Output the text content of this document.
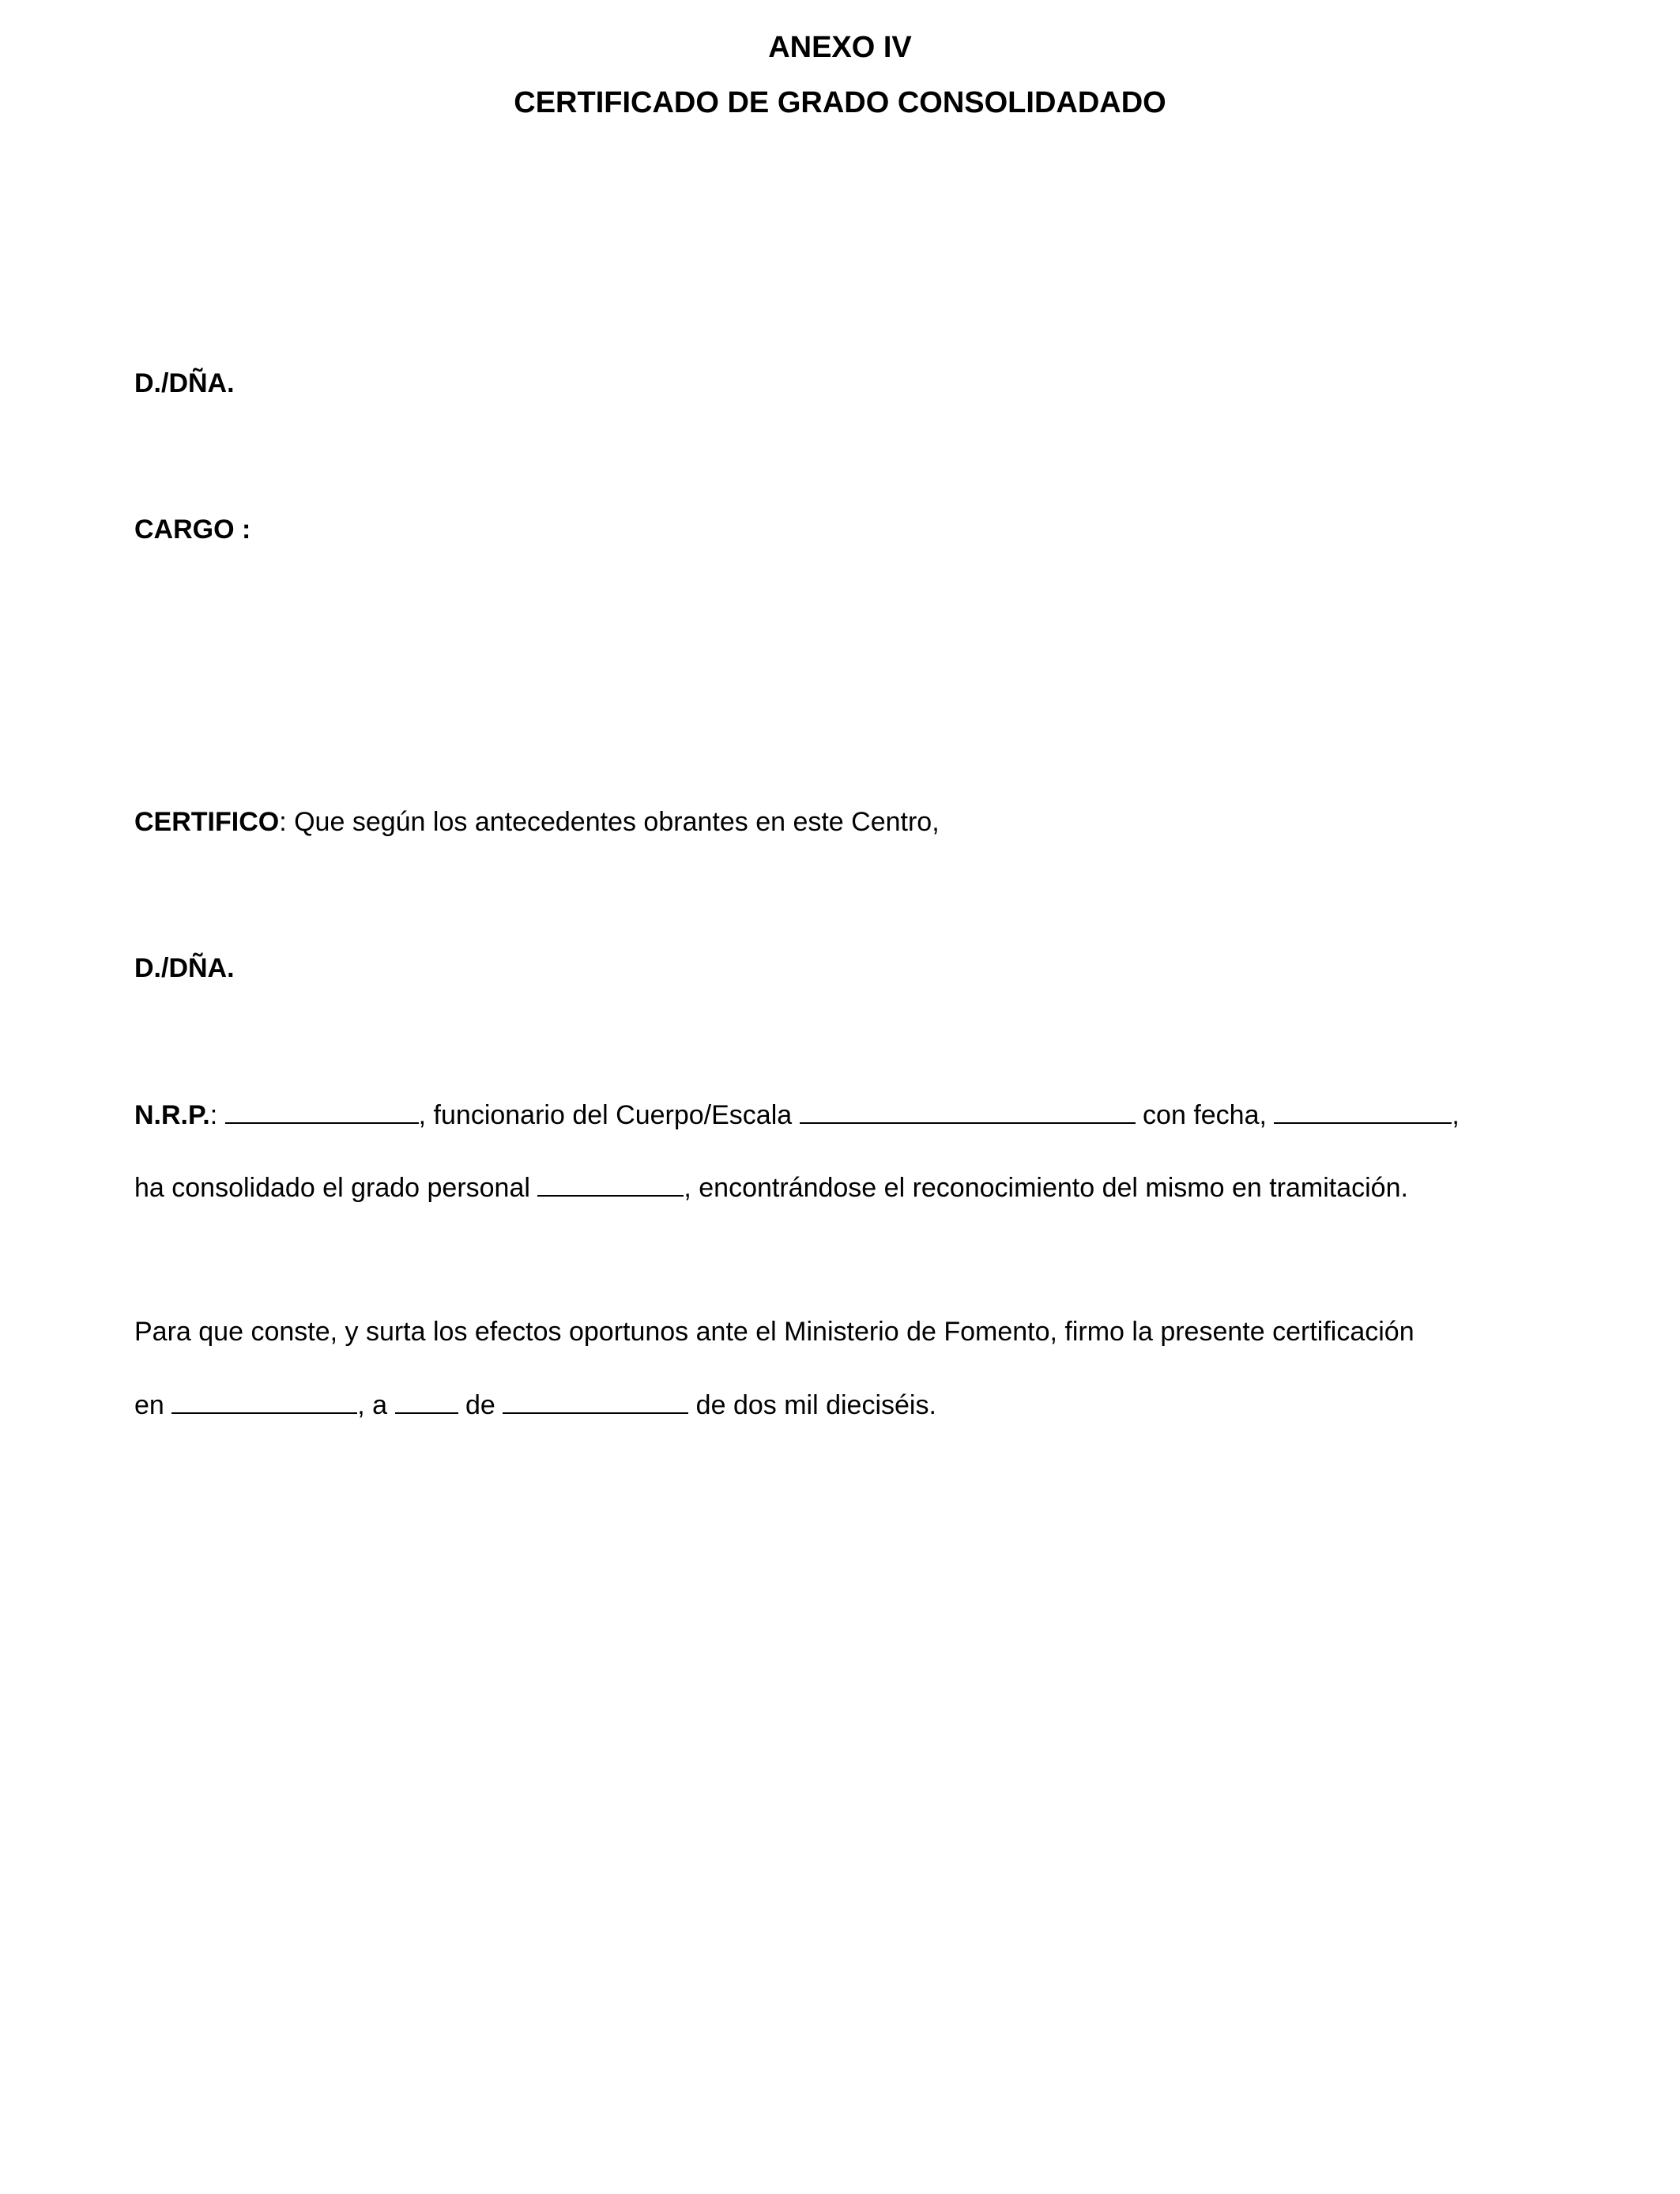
ANEXO IV
CERTIFICADO DE GRADO CONSOLIDADADO
D./DÑA.
CARGO :
CERTIFICO: Que según los antecedentes obrantes en este Centro,
D./DÑA.
N.R.P.:	, funcionario del Cuerpo/Escala	con fecha,	,
ha consolidado el grado personal	, encontrándose el reconocimiento del mismo en tramitación.
Para que conste, y surta los efectos oportunos ante el Ministerio de Fomento, firmo la presente certificación
en	, a  de	de dos mil dieciséis.
